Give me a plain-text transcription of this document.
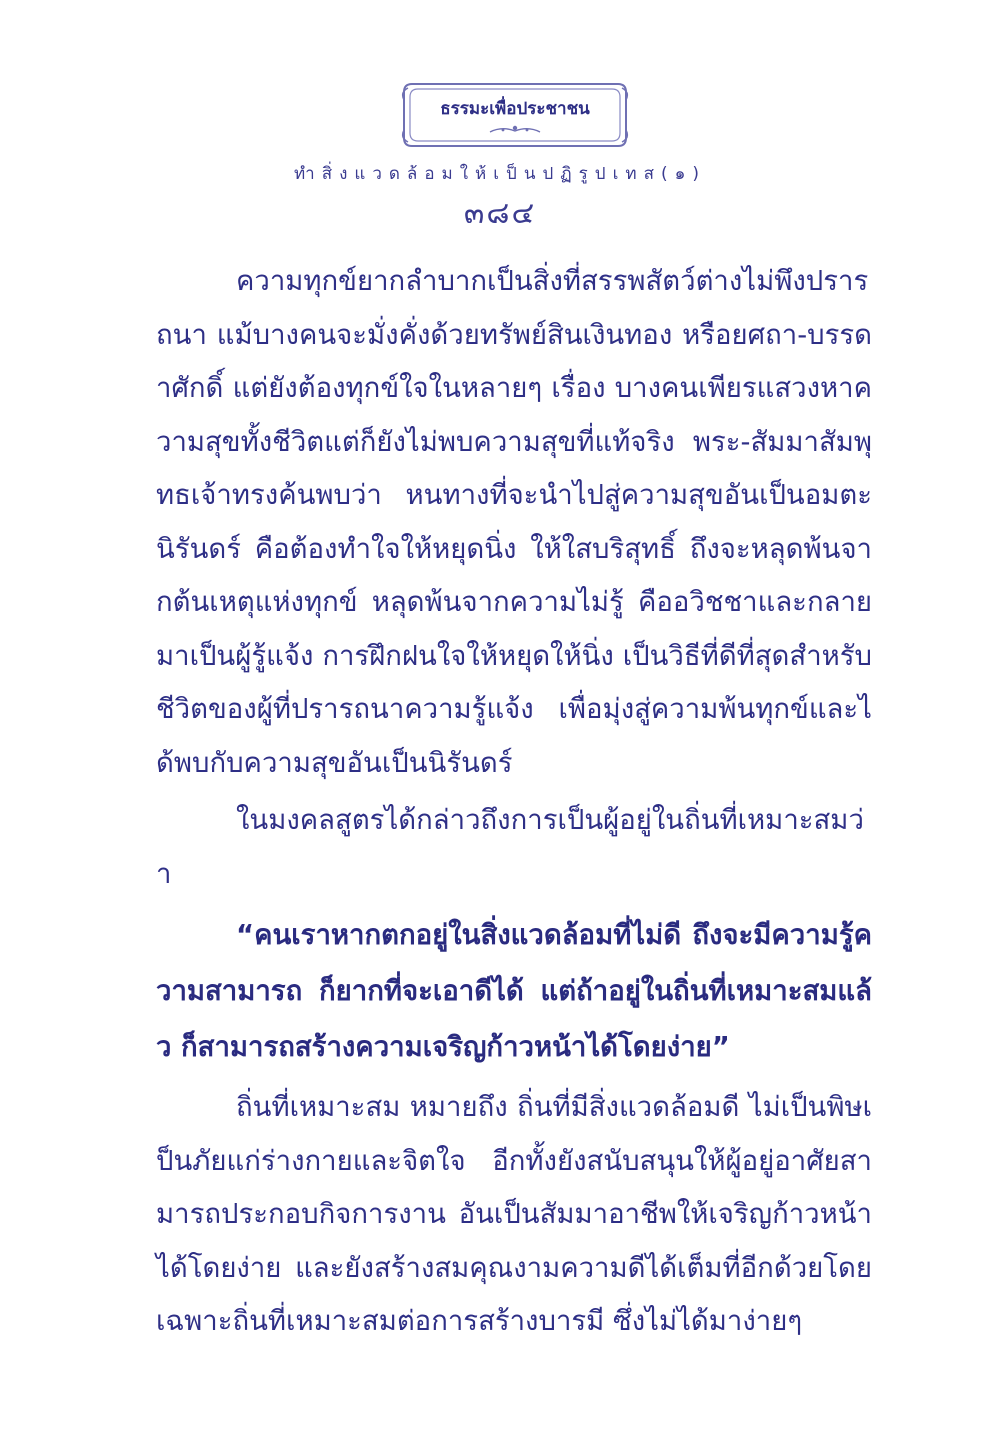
ธรรมะเพื่อประชาชน
ทำสิ่งแวดล้อมให้เป็นปฏิรูปเทส(๑)
๓๘๔

ความทุกข์ยากลำบากเป็นสิ่งที่สรรพสัตว์ต่างไม่พึงปรารถนา แม้บางคนจะมั่งคั่งด้วยทรัพย์สินเงินทอง หรือยศถา-บรรดาศักดิ์ แต่ยังต้องทุกข์ใจในหลายๆ เรื่อง บางคนเพียรแสวงหาความสุขทั้งชีวิตแต่ก็ยังไม่พบความสุขที่แท้จริง พระ-สัมมาสัมพุทธเจ้าทรงค้นพบว่า หนทางที่จะนำไปสู่ความสุขอันเป็นอมตะนิรันดร์ คือต้องทำใจให้หยุดนิ่ง ให้ใสบริสุทธิ์ ถึงจะหลุดพ้นจากต้นเหตุแห่งทุกข์ หลุดพ้นจากความไม่รู้ คืออวิชชาและกลายมาเป็นผู้รู้แจ้ง การฝึกฝนใจให้หยุดให้นิ่ง เป็นวิธีที่ดีที่สุดสำหรับชีวิตของผู้ที่ปรารถนาความรู้แจ้ง เพื่อมุ่งสู่ความพ้นทุกข์และได้พบกับความสุขอันเป็นนิรันดร์

ในมงคลสูตรได้กล่าวถึงการเป็นผู้อยู่ในถิ่นที่เหมาะสมว่า

“คนเราหากตกอยู่ในสิ่งแวดล้อมที่ไม่ดี ถึงจะมีความรู้ความสามารถ ก็ยากที่จะเอาดีได้ แต่ถ้าอยู่ในถิ่นที่เหมาะสมแล้ว ก็สามารถสร้างความเจริญก้าวหน้าได้โดยง่าย”

ถิ่นที่เหมาะสม หมายถึง ถิ่นที่มีสิ่งแวดล้อมดี ไม่เป็นพิษเป็นภัยแก่ร่างกายและจิตใจ อีกทั้งยังสนับสนุนให้ผู้อยู่อาศัยสามารถประกอบกิจการงาน อันเป็นสัมมาอาชีพให้เจริญก้าวหน้าได้โดยง่าย และยังสร้างสมคุณงามความดีได้เต็มที่อีกด้วยโดยเฉพาะถิ่นที่เหมาะสมต่อการสร้างบารมี ซึ่งไม่ได้มาง่ายๆ
